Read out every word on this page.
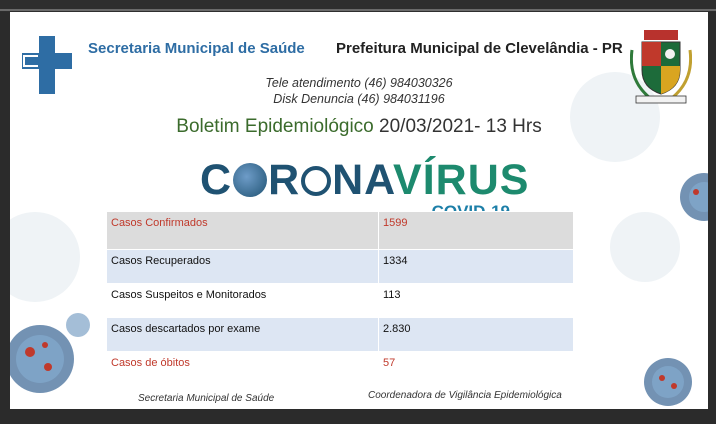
Secretaria Municipal de Saúde Prefeitura Municipal de Clevelândia - PR
Tele atendimento (46) 984030326
Disk Denuncia (46) 984031196
Boletim Epidemiológico 20/03/2021- 13 Hrs
C R NAVÍRUS
Casos Confirmados	1599
Casos Recuperados	1334
Casos Suspeitos e Monitorados	113
Casos descartados por exame	2.830
Casos de óbitos	57
Secretaria Municipal de Saúde	Coordenadora de Vigilância Epidemiológica
